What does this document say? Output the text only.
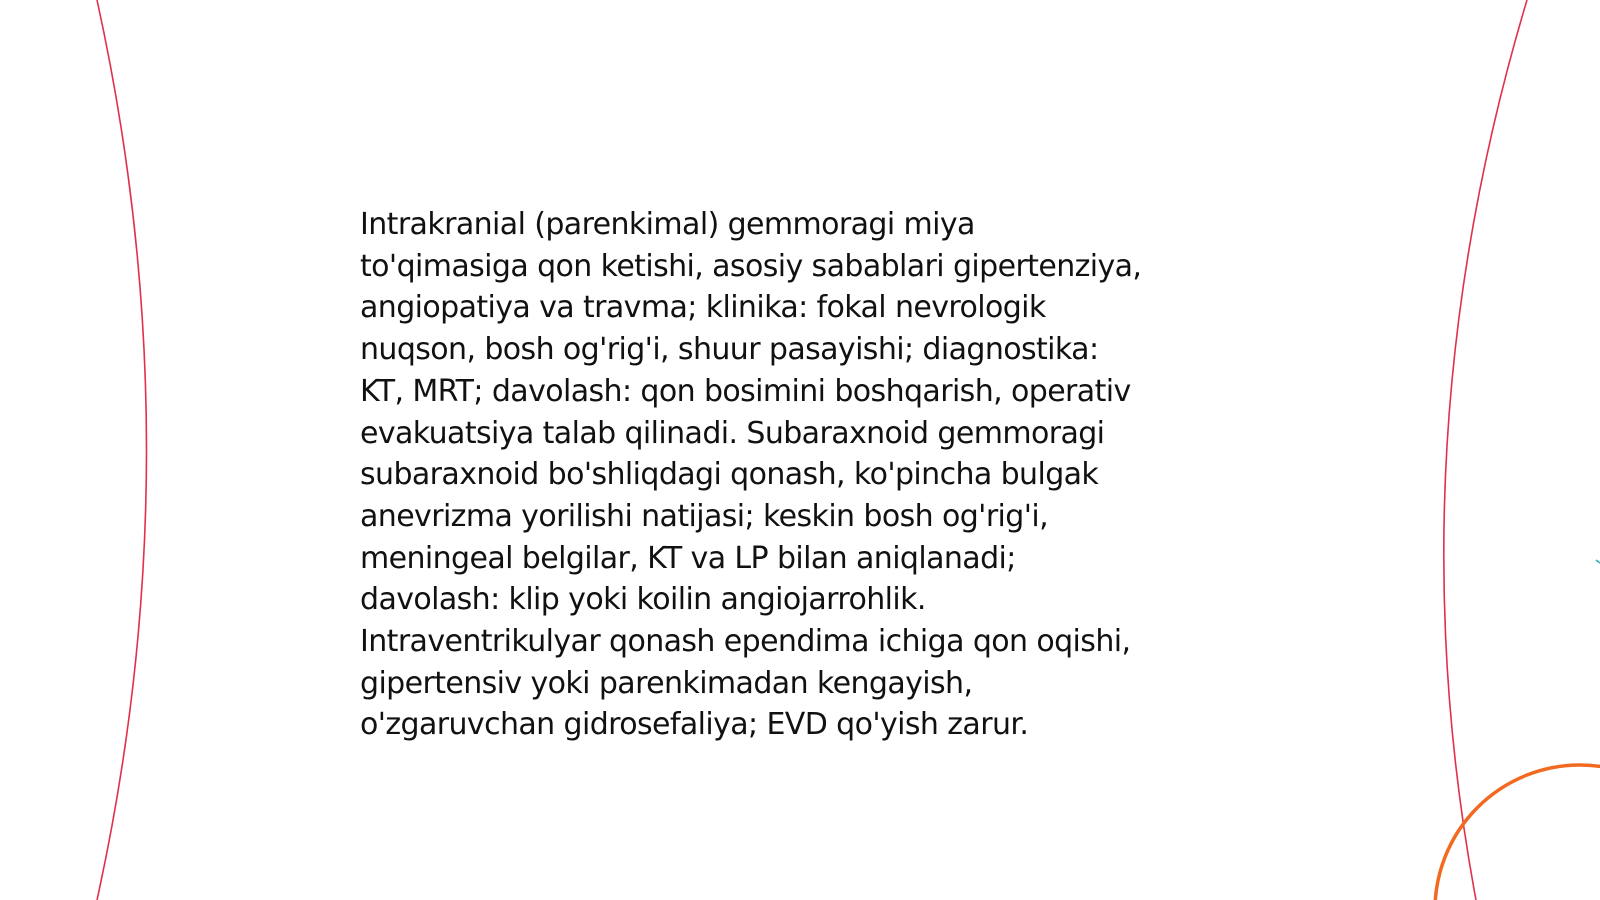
Intrakranial (parenkimal) gemmoragi miya
to'qimasiga qon ketishi, asosiy sabablari gipertenziya,
angiopatiya va travma; klinika: fokal nevrologik
nuqson, bosh og'rig'i, shuur pasayishi; diagnostika:
KT, MRT; davolash: qon bosimini boshqarish, operativ
evakuatsiya talab qilinadi. Subaraxnoid gemmoragi
subaraxnoid bo'shliqdagi qonash, ko'pincha bulgak
anevrizma yorilishi natijasi; keskin bosh og'rig'i,
meningeal belgilar, KT va LP bilan aniqlanadi;
davolash: klip yoki koilin angiojarrohlik.
Intraventrikulyar qonash ependima ichiga qon oqishi,
gipertensiv yoki parenkimadan kengayish,
o'zgaruvchan gidrosefaliya; EVD qo'yish zarur.
